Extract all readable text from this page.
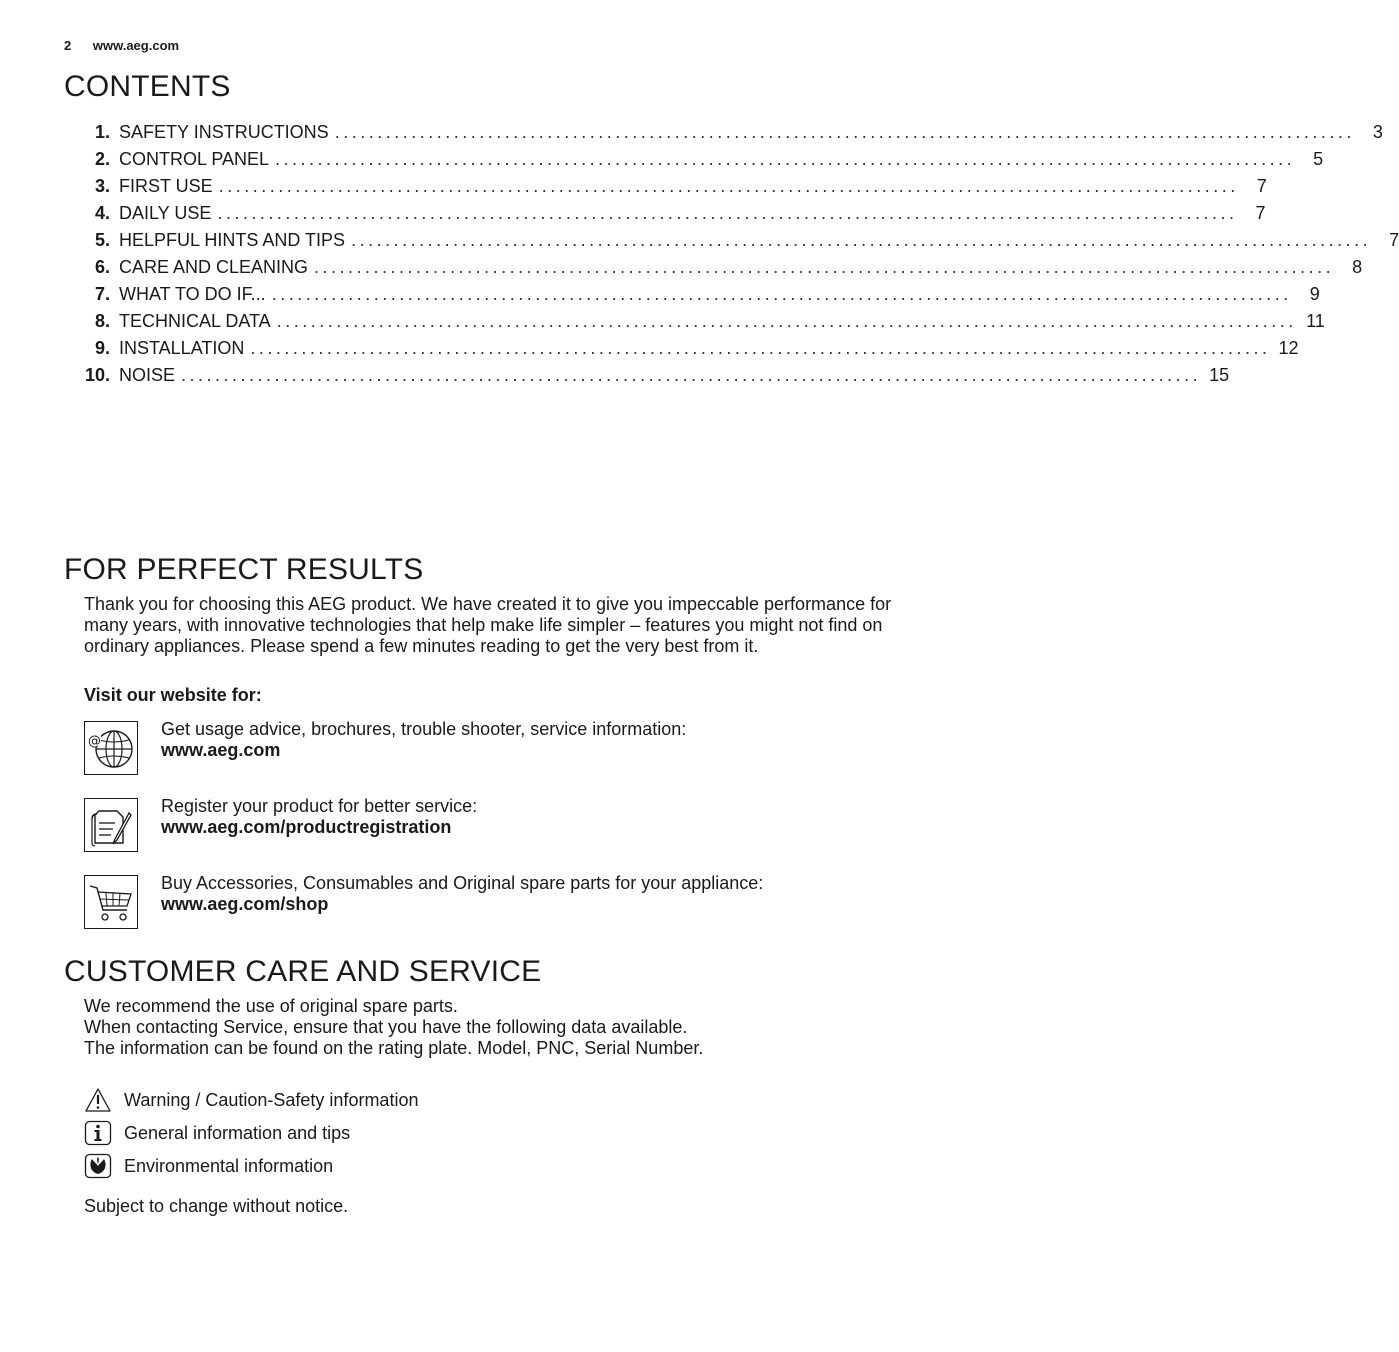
2 www.aeg.com
CONTENTS
1. SAFETY INSTRUCTIONS ........................................................................................................................ 3
2. CONTROL PANEL ........................................................................................................................ 5
3. FIRST USE ........................................................................................................................ 7
4. DAILY USE ........................................................................................................................ 7
5. HELPFUL HINTS AND TIPS ........................................................................................................................ 7
6. CARE AND CLEANING ........................................................................................................................ 8
7. WHAT TO DO IF... ........................................................................................................................ 9
8. TECHNICAL DATA ........................................................................................................................ 11
9. INSTALLATION ........................................................................................................................ 12
10. NOISE ........................................................................................................................ 15
FOR PERFECT RESULTS
Thank you for choosing this AEG product. We have created it to give you impeccable performance for many years, with innovative technologies that help make life simpler – features you might not find on ordinary appliances. Please spend a few minutes reading to get the very best from it.
Visit our website for:
@
Get usage advice, brochures, trouble shooter, service information:
www.aeg.com
Register your product for better service:
www.aeg.com/productregistration
Buy Accessories, Consumables and Original spare parts for your appliance:
www.aeg.com/shop
CUSTOMER CARE AND SERVICE
We recommend the use of original spare parts.
When contacting Service, ensure that you have the following data available.
The information can be found on the rating plate. Model, PNC, Serial Number.
Warning / Caution-Safety information
General information and tips
Environmental information
Subject to change without notice.
